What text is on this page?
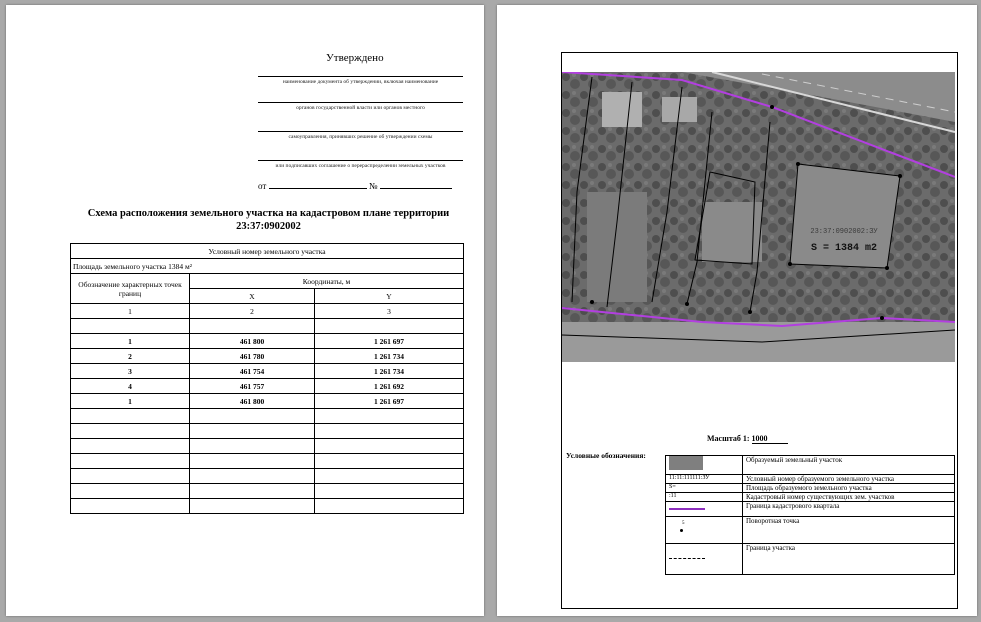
Утверждено
наименование документа об утверждении, включая наименование
органов государственной власти или органов местного
самоуправления, принявших решение об утверждении схемы
или подписавших соглашение о перераспределении земельных участков
от	№
Схема расположения земельного участка на кадастровом плане территории 23:37:0902002
Условный номер земельного участка		
Площадь земельного участка 1384 м²		
Обозначение характерных точек границ	Координаты, м	
	X	Y
1	2	3

1	461 800	1 261 697
2	461 780	1 261 734
3	461 754	1 261 734
4	461 757	1 261 692
1	461 800	1 261 697

23:37:0902002:ЗУ
S = 1384 m2
Масштаб 1: 1000
Условные обозначения:
		Образуемый земельный участок
11:11:111111:ЗУ	Условный номер образуемого земельного участка
S=	Площадь образуемого земельного участка
:11	Кадастровый номер существующих зем. участков

	Граница кадастрового квартала

5	Поворотная точка

	Граница участка
